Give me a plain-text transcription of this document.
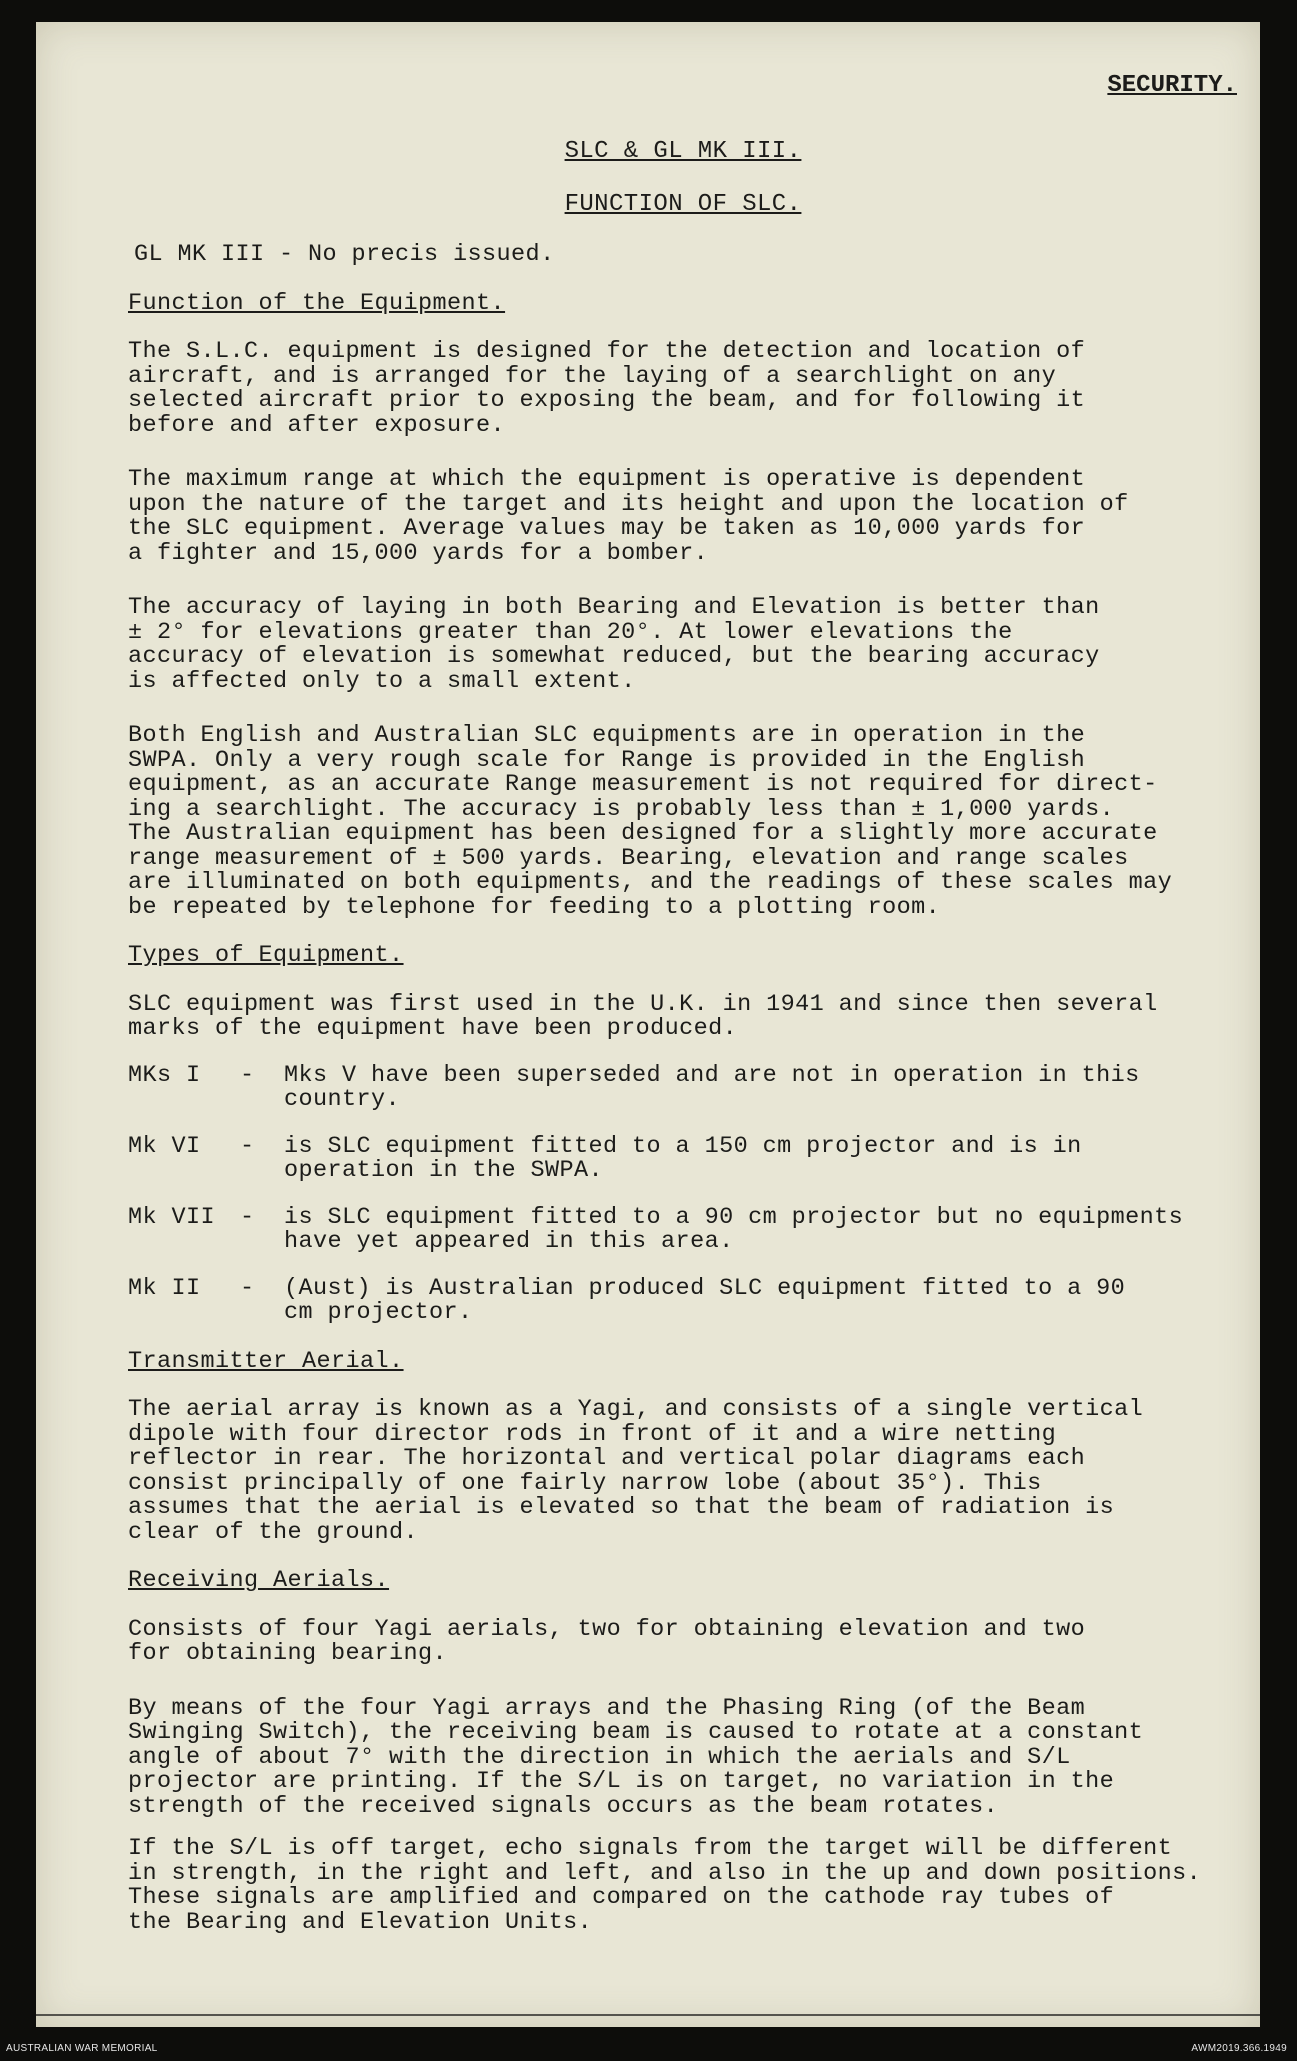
SECURITY.
SLC & GL MK III.
FUNCTION OF SLC.

GL MK III - No precis issued.

Function of the Equipment.

The S.L.C. equipment is designed for the detection and location of
aircraft, and is arranged for the laying of a searchlight on any
selected aircraft prior to exposing the beam, and for following it
before and after exposure.

The maximum range at which the equipment is operative is dependent
upon the nature of the target and its height and upon the location of
the SLC equipment. Average values may be taken as 10,000 yards for
a fighter and 15,000 yards for a bomber.

The accuracy of laying in both Bearing and Elevation is better than
± 2° for elevations greater than 20°. At lower elevations the
accuracy of elevation is somewhat reduced, but the bearing accuracy
is affected only to a small extent.

Both English and Australian SLC equipments are in operation in the
SWPA. Only a very rough scale for Range is provided in the English
equipment, as an accurate Range measurement is not required for direct-
ing a searchlight. The accuracy is probably less than ± 1,000 yards.
The Australian equipment has been designed for a slightly more accurate
range measurement of ± 500 yards. Bearing, elevation and range scales
are illuminated on both equipments, and the readings of these scales may
be repeated by telephone for feeding to a plotting room.

Types of Equipment.

SLC equipment was first used in the U.K. in 1941 and since then several
marks of the equipment have been produced.

MKs I	-	Mks V have been superseded and are not in operation in this
country.
Mk VI	-	is SLC equipment fitted to a 150 cm projector and is in
operation in the SWPA.
Mk VII	-	is SLC equipment fitted to a 90 cm projector but no equipments
have yet appeared in this area.
Mk II	-	(Aust) is Australian produced SLC equipment fitted to a 90
cm projector.
Transmitter Aerial.

The aerial array is known as a Yagi, and consists of a single vertical
dipole with four director rods in front of it and a wire netting
reflector in rear. The horizontal and vertical polar diagrams each
consist principally of one fairly narrow lobe (about 35°). This
assumes that the aerial is elevated so that the beam of radiation is
clear of the ground.

Receiving Aerials.

Consists of four Yagi aerials, two for obtaining elevation and two
for obtaining bearing.

By means of the four Yagi arrays and the Phasing Ring (of the Beam
Swinging Switch), the receiving beam is caused to rotate at a constant
angle of about 7° with the direction in which the aerials and S/L
projector are printing. If the S/L is on target, no variation in the
strength of the received signals occurs as the beam rotates.

If the S/L is off target, echo signals from the target will be different
in strength, in the right and left, and also in the up and down positions.
These signals are amplified and compared on the cathode ray tubes of
the Bearing and Elevation Units.

AUSTRALIAN WAR MEMORIAL	AWM2019.366.1949
